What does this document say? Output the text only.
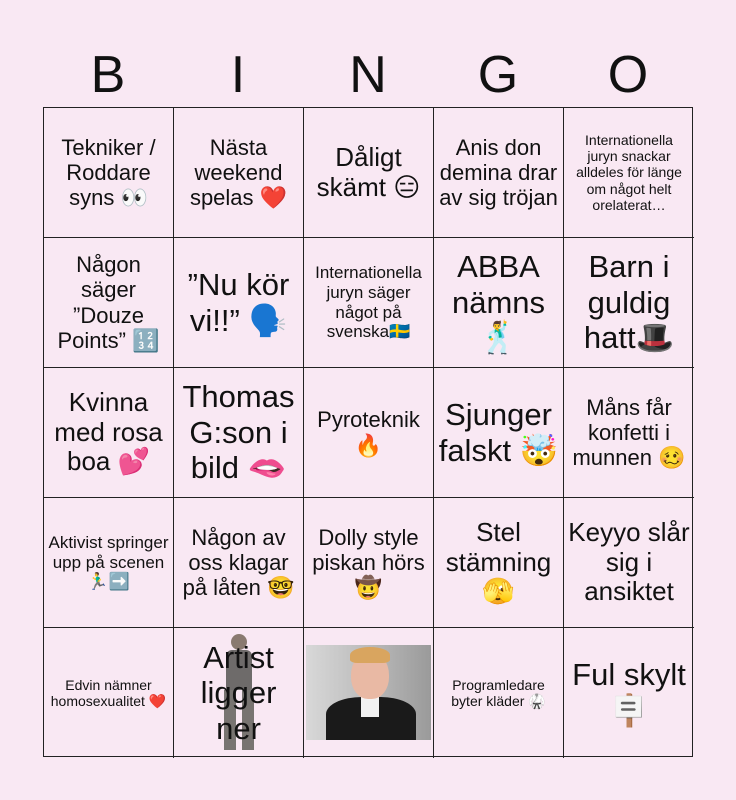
B	I	N	G	O
Tekniker / Roddare syns 👀
Nästa weekend spelas ❤️
Dåligt skämt 😑
Anis don demina drar av sig tröjan
Internationella juryn snackar alldeles för länge om något helt orelaterat…
Någon säger ”Douze Points” 🔢
”Nu kör vi!!” 🗣️
Internationella juryn säger något på svenska🇸🇪
ABBA nämns 🕺
Barn i guldig hatt🎩
Kvinna med rosa boa 💕
Thomas G:son i bild 🫦
Pyroteknik 🔥
Sjunger falskt 🤯
Måns får konfetti i munnen 🥴
Aktivist springer upp på scenen 🏃‍♂️➡️
Någon av oss klagar på låten 🤓
Dolly style piskan hörs🤠
Stel stämning 🫣
Keyyo slår sig i ansiktet
Edvin nämner homosexualitet ❤️
Artist ligger ner
Programledare byter kläder 🥋
Ful skylt 🪧
